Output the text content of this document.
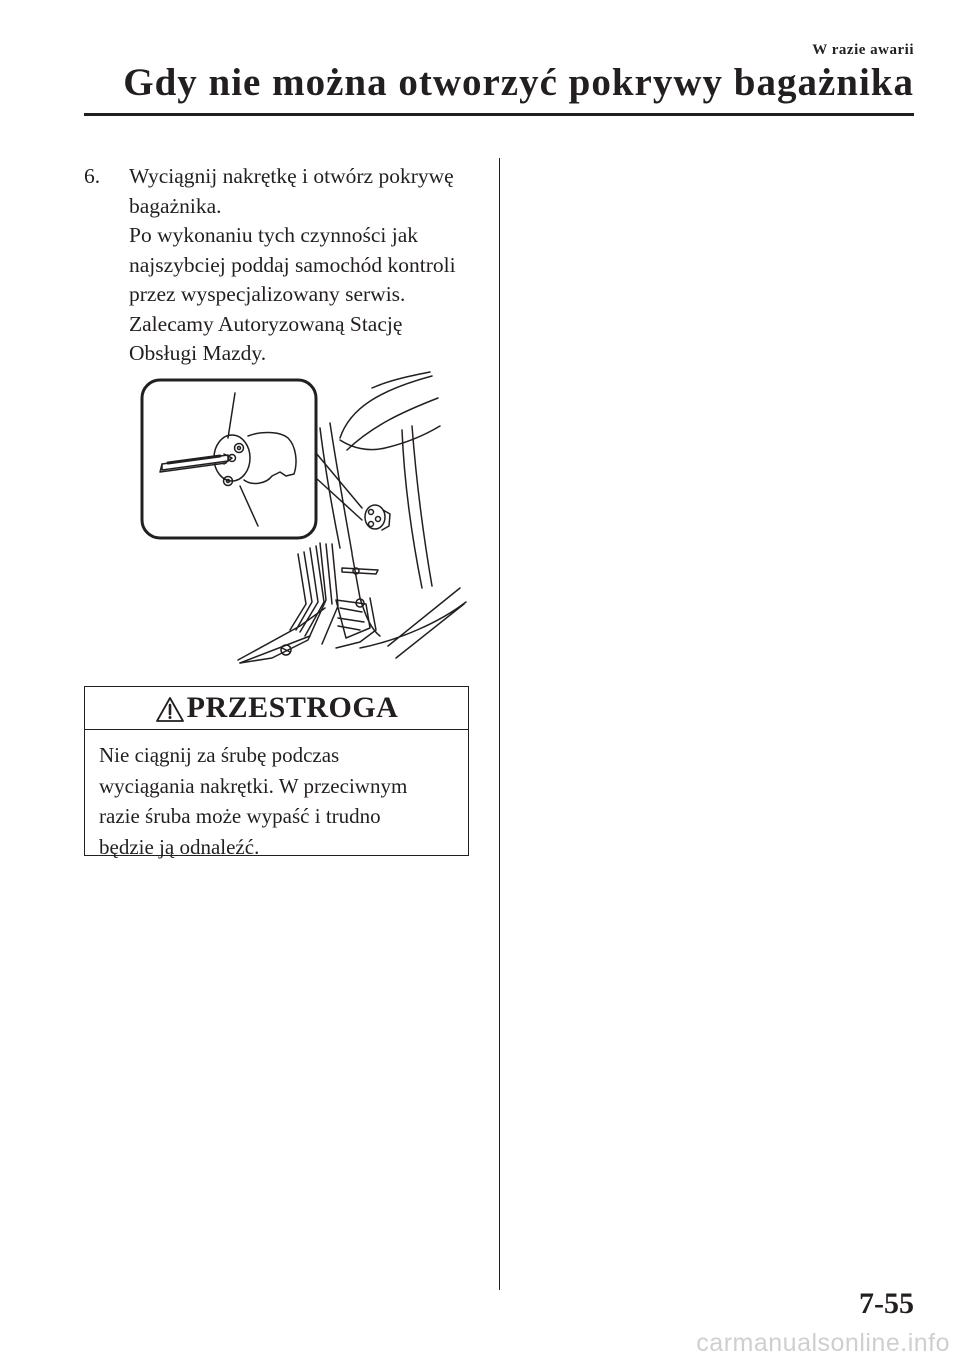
W razie awarii
Gdy nie można otworzyć pokrywy bagażnika
6. Wyciągnij nakrętkę i otwórz pokrywę

bagażnika.

Po wykonaniu tych czynności jak

najszybciej poddaj samochód kontroli

przez wyspecjalizowany serwis.

Zalecamy Autoryzowaną Stację

Obsługi Mazdy.

PRZESTROGA
Nie ciągnij za śrubę podczas
wyciągania nakrętki. W przeciwnym
razie śruba może wypaść i trudno
będzie ją odnaleźć.
7-55
carmanualsonline.info
